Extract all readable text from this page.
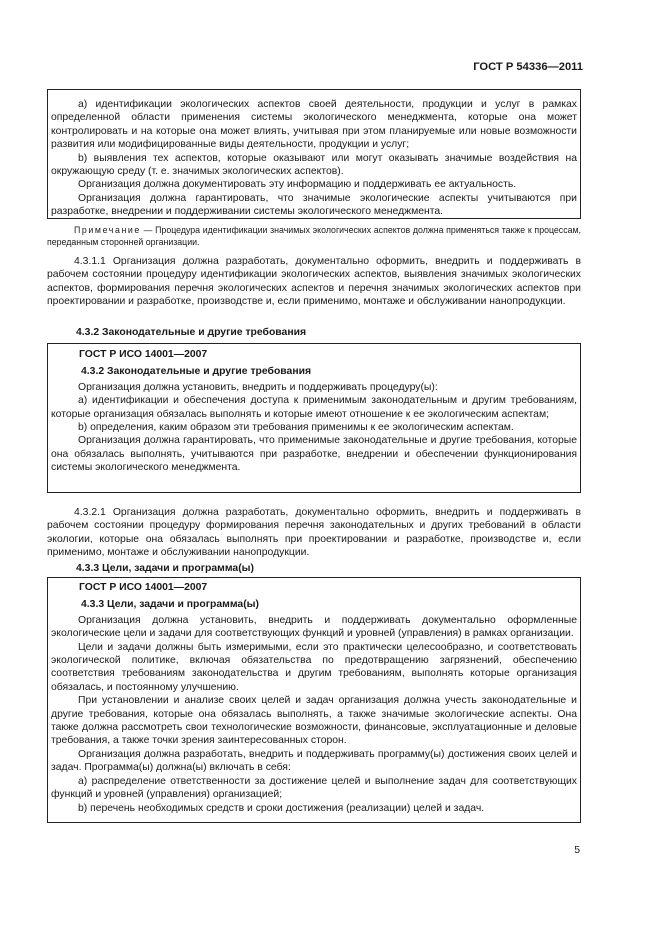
ГОСТ Р 54336—2011

a) идентификации экологических аспектов своей деятельности, продукции и услуг в рамках определенной области применения системы экологического менеджмента, которые она может контролировать и на которые она может влиять, учитывая при этом планируемые или новые возможности развития или модифицированные виды деятельности, продукции и услуг;

b) выявления тех аспектов, которые оказывают или могут оказывать значимые воздействия на окружающую среду (т. е. значимых экологических аспектов).

Организация должна документировать эту информацию и поддерживать ее актуальность.

Организация должна гарантировать, что значимые экологические аспекты учитываются при разработке, внедрении и поддерживании системы экологического менеджмента.

Примечание — Процедура идентификации значимых экологических аспектов должна применяться также к процессам, переданным сторонней организации.

4.3.1.1 Организация должна разработать, документально оформить, внедрить и поддерживать в рабочем состоянии процедуру идентификации экологических аспектов, выявления значимых экологических аспектов, формирования перечня экологических аспектов и перечня значимых экологических аспектов при проектировании и разработке, производстве и, если применимо, монтаже и обслуживании нанопродукции.

4.3.2 Законодательные и другие требования
ГОСТ Р ИСО 14001—2007
4.3.2 Законодательные и другие требования

Организация должна установить, внедрить и поддерживать процедуру(ы):

a) идентификации и обеспечения доступа к применимым законодательным и другим требованиям, которые организация обязалась выполнять и которые имеют отношение к ее экологическим аспектам;

b) определения, каким образом эти требования применимы к ее экологическим аспектам.

Организация должна гарантировать, что применимые законодательные и другие требования, которые она обязалась выполнять, учитываются при разработке, внедрении и обеспечении функционирования системы экологического менеджмента.

4.3.2.1 Организация должна разработать, документально оформить, внедрить и поддерживать в рабочем состоянии процедуру формирования перечня законодательных и других требований в области экологии, которые она обязалась выполнять при проектировании и разработке, производстве и, если применимо, монтаже и обслуживании нанопродукции.

4.3.3 Цели, задачи и программа(ы)
ГОСТ Р ИСО 14001—2007
4.3.3 Цели, задачи и программа(ы)

Организация должна установить, внедрить и поддерживать документально оформленные экологические цели и задачи для соответствующих функций и уровней (управления) в рамках организации.

Цели и задачи должны быть измеримыми, если это практически целесообразно, и соответствовать экологической политике, включая обязательства по предотвращению загрязнений, обеспечению соответствия требованиям законодательства и другим требованиям, выполнять которые организация обязалась, и постоянному улучшению.

При установлении и анализе своих целей и задач организация должна учесть законодательные и другие требования, которые она обязалась выполнять, а также значимые экологические аспекты. Она также должна рассмотреть свои технологические возможности, финансовые, эксплуатационные и деловые требования, а также точки зрения заинтересованных сторон.

Организация должна разработать, внедрить и поддерживать программу(ы) достижения своих целей и задач. Программа(ы) должна(ы) включать в себя:

a) распределение ответственности за достижение целей и выполнение задач для соответствующих функций и уровней (управления) организацией;

b) перечень необходимых средств и сроки достижения (реализации) целей и задач.

5
